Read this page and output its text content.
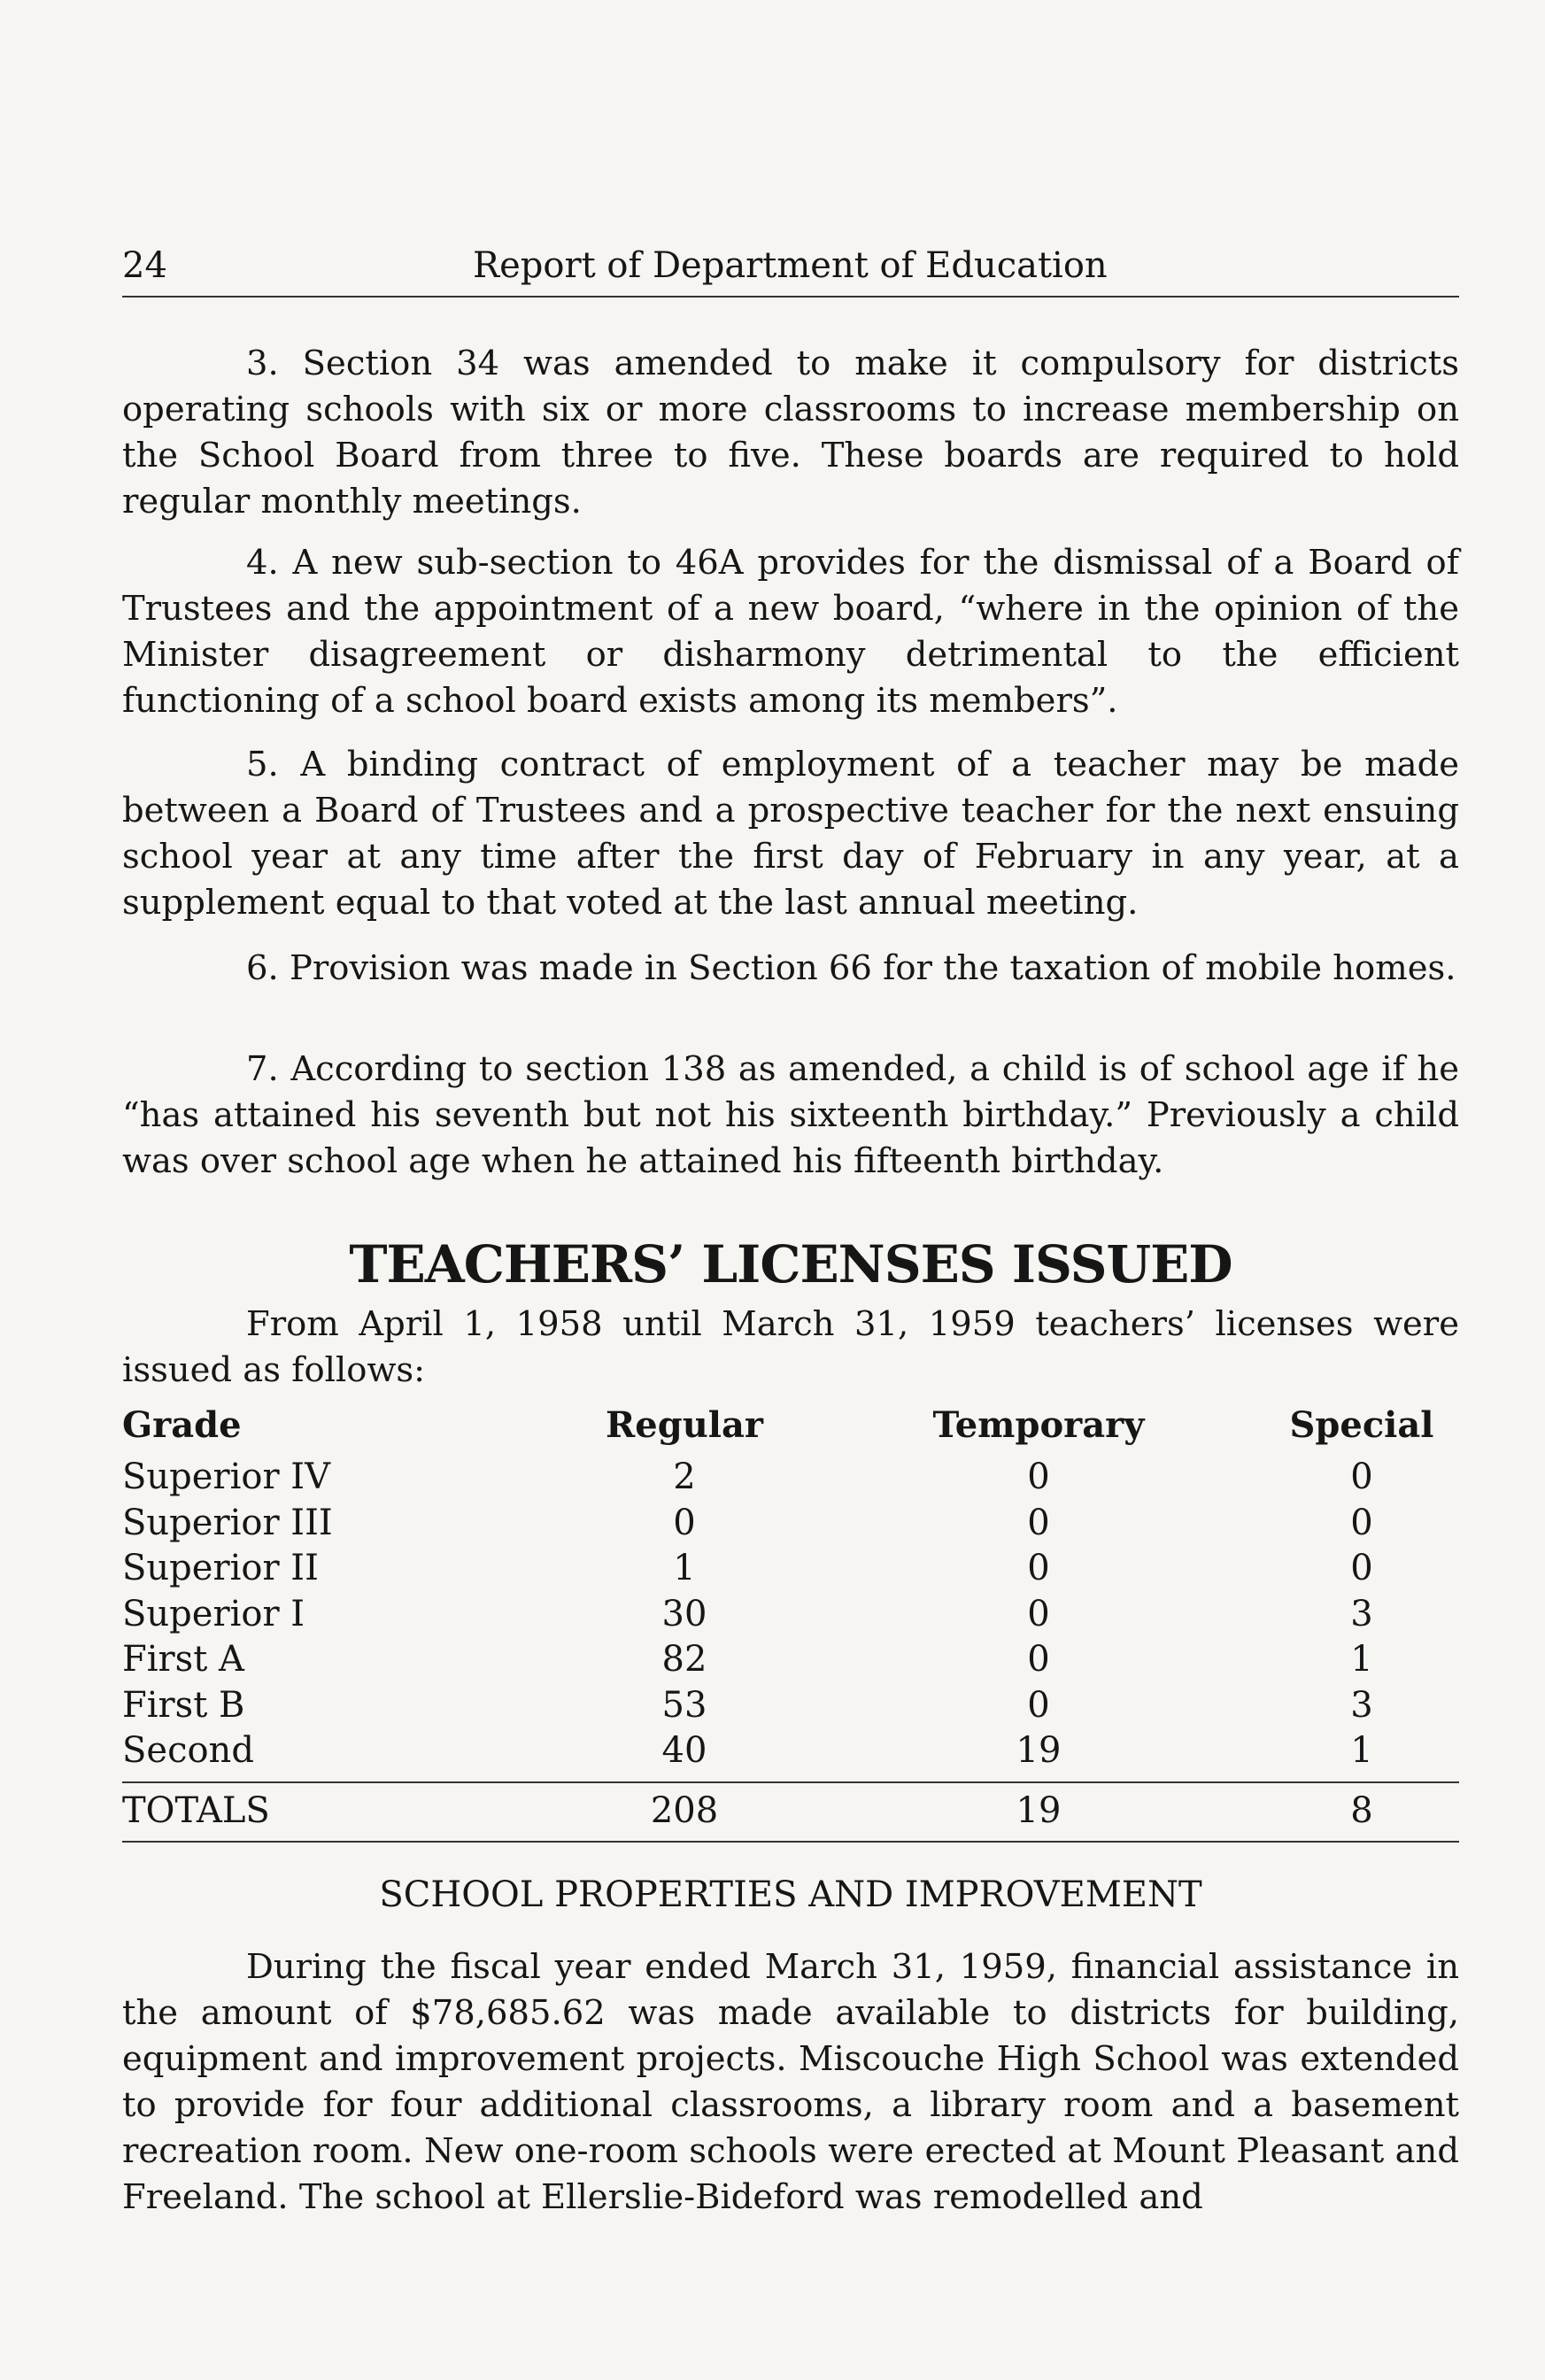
24	Report of Department of Education

3. Section 34 was amended to make it compulsory for districts operating schools with six or more classrooms to increase membership on the School Board from three to five. These boards are required to hold regular monthly meetings.

4. A new sub-section to 46A provides for the dismissal of a Board of Trustees and the appointment of a new board, “where in the opinion of the Minister disagreement or disharmony detrimental to the efficient functioning of a school board exists among its members”.

5. A binding contract of employment of a teacher may be made between a Board of Trustees and a prospective teacher for the next ensuing school year at any time after the first day of February in any year, at a supplement equal to that voted at the last annual meeting.

6. Provision was made in Section 66 for the taxation of mobile homes.

7. According to section 138 as amended, a child is of school age if he “has attained his seventh but not his sixteenth birthday.” Previously a child was over school age when he attained his fifteenth birthday.

TEACHERS’ LICENSES ISSUED

From April 1, 1958 until March 31, 1959 teachers’ licenses were issued as follows:

Grade	Regular	Temporary	Special
Superior IV	2	0	0
Superior III	0	0	0
Superior II	1	0	0
Superior I	30	0	3
First A	82	0	1
First B	53	0	3
Second	40	19	1
TOTALS	208	19	8
SCHOOL PROPERTIES AND IMPROVEMENT

During the fiscal year ended March 31, 1959, financial assistance in the amount of $78,685.62 was made available to districts for building, equipment and improvement projects. Miscouche High School was extended to provide for four additional classrooms, a library room and a basement recreation room. New one-room schools were erected at Mount Pleasant and Freeland. The school at Ellerslie-Bideford was remodelled and
